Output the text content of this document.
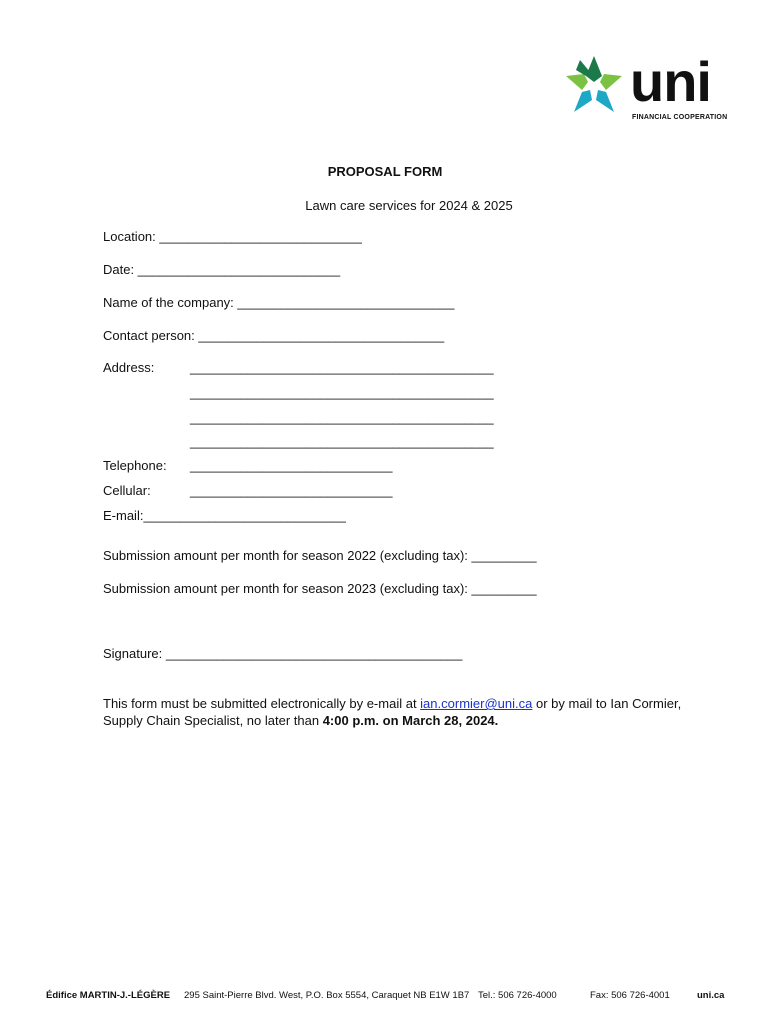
uni
FINANCIAL COOPERATION
PROPOSAL FORM
Lawn care services for 2024 & 2025
Location: ____________________________
Date: ____________________________
Name of the company: ______________________________
Contact person: __________________________________
Address:	__________________________________________
__________________________________________
__________________________________________
__________________________________________
Telephone: ____________________________
Cellular:	____________________________
E-mail:____________________________
Submission amount per month for season 2022 (excluding tax): _________
Submission amount per month for season 2023 (excluding tax): _________
Signature: _________________________________________
This form must be submitted electronically by e-mail at ian.cormier@uni.ca or by mail to Ian Cormier, Supply Chain Specialist, no later than 4:00 p.m. on March 28, 2024.
Édifice MARTIN-J.-LÉGÈRE 295 Saint-Pierre Blvd. West, P.O. Box 5554, Caraquet NB E1W 1B7 Tel.: 506 726-4000	Fax: 506 726-4001	uni.ca
